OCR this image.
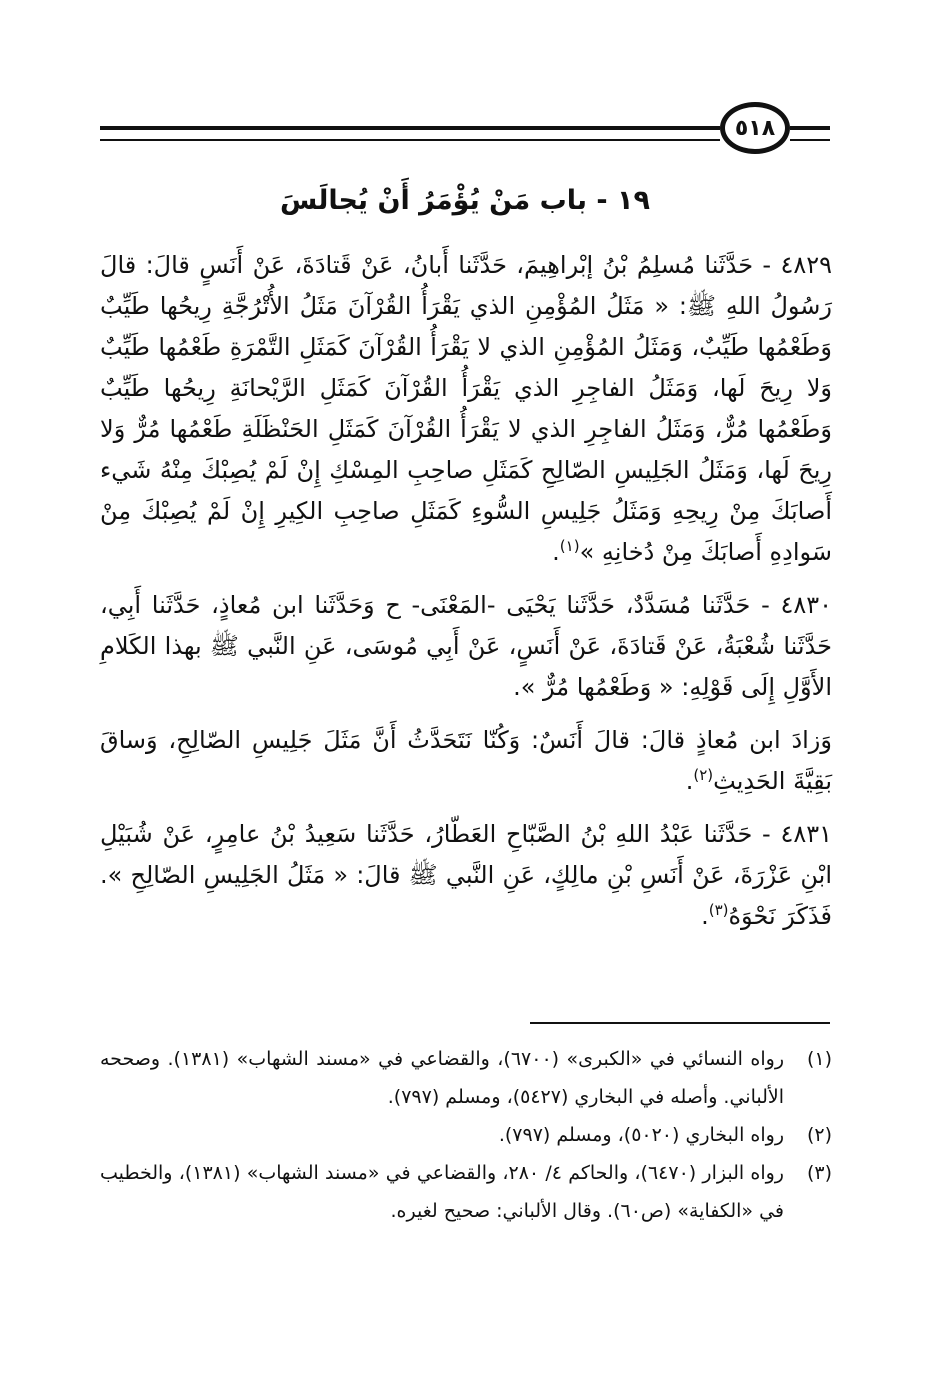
٥١٨
١٩ - باب مَنْ يُؤْمَرُ أَنْ يُجالَسَ

٤٨٢٩ - حَدَّثَنا مُسلِمُ بْنُ إبْراهِيمَ، حَدَّثَنا أَبانُ، عَنْ قَتادَةَ، عَنْ أَنَسٍ قالَ: قالَ رَسُولُ اللهِ ﷺ: « مَثَلُ المُؤْمِنِ الذي يَقْرَأُ القُرْآنَ مَثَلُ الأُتْرُجَّةِ رِيحُها طَيِّبٌ وَطَعْمُها طَيِّبٌ، وَمَثَلُ المُؤْمِنِ الذي لا يَقْرَأُ القُرْآنَ كَمَثَلِ التَّمْرَةِ طَعْمُها طَيِّبٌ وَلا رِيحَ لَها، وَمَثَلُ الفاجِرِ الذي يَقْرَأُ القُرْآنَ كَمَثَلِ الرَّيْحانَةِ رِيحُها طَيِّبٌ وَطَعْمُها مُرٌّ، وَمَثَلُ الفاجِرِ الذي لا يَقْرَأُ القُرْآنَ كَمَثَلِ الحَنْظَلَةِ طَعْمُها مُرٌّ وَلا رِيحَ لَها، وَمَثَلُ الجَلِيسِ الصّالِحِ كَمَثَلِ صاحِبِ المِسْكِ إِنْ لَمْ يُصِبْكَ مِنْهُ شَيء أَصابَكَ مِنْ رِيحِهِ وَمَثَلُ جَلِيسِ السُّوءِ كَمَثَلِ صاحِبِ الكِيرِ إِنْ لَمْ يُصِبْكَ مِنْ سَوادِهِ أَصابَكَ مِنْ دُخانِهِ »$^{(١)}$.

٤٨٣٠ - حَدَّثَنا مُسَدَّدٌ، حَدَّثَنا يَحْيَى -المَعْنَى- ح وَحَدَّثَنا ابن مُعاذٍ، حَدَّثَنا أَبِي، حَدَّثَنا شُعْبَةُ، عَنْ قَتادَةَ، عَنْ أَنَسٍ، عَنْ أَبِي مُوسَى، عَنِ النَّبي ﷺ بهذا الكَلامِ الأَوَّلِ إِلَى قَوْلِهِ: « وَطَعْمُها مُرٌّ ».

وَزادَ ابن مُعاذٍ قالَ: قالَ أَنَسٌ: وَكُنّا نَتَحَدَّثُ أَنَّ مَثَلَ جَلِيسِ الصّالِحِ، وَساقَ بَقِيَّةَ الحَدِيثِ$^{(٢)}$.

٤٨٣١ - حَدَّثَنا عَبْدُ اللهِ بْنُ الصَّبّاحِ العَطّارُ، حَدَّثَنا سَعِيدُ بْنُ عامِرٍ، عَنْ شُبَيْلِ ابْنِ عَزْرَةَ، عَنْ أَنَسِ بْنِ مالِكٍ، عَنِ النَّبي ﷺ قالَ: « مَثَلُ الجَلِيسِ الصّالِحِ ». فَذَكَرَ نَحْوَهُ$^{(٣)}$.

(١)
رواه النسائي في «الكبرى» (٦٧٠٠)، والقضاعي في «مسند الشهاب» (١٣٨١). وصححه الألباني. وأصله في البخاري (٥٤٢٧)، ومسلم (٧٩٧).
(٢)
رواه البخاري (٥٠٢٠)، ومسلم (٧٩٧).
(٣)
رواه البزار (٦٤٧٠)، والحاكم ٤/ ٢٨٠، والقضاعي في «مسند الشهاب» (١٣٨١)، والخطيب في «الكفاية» (ص٦٠). وقال الألباني: صحيح لغيره.
